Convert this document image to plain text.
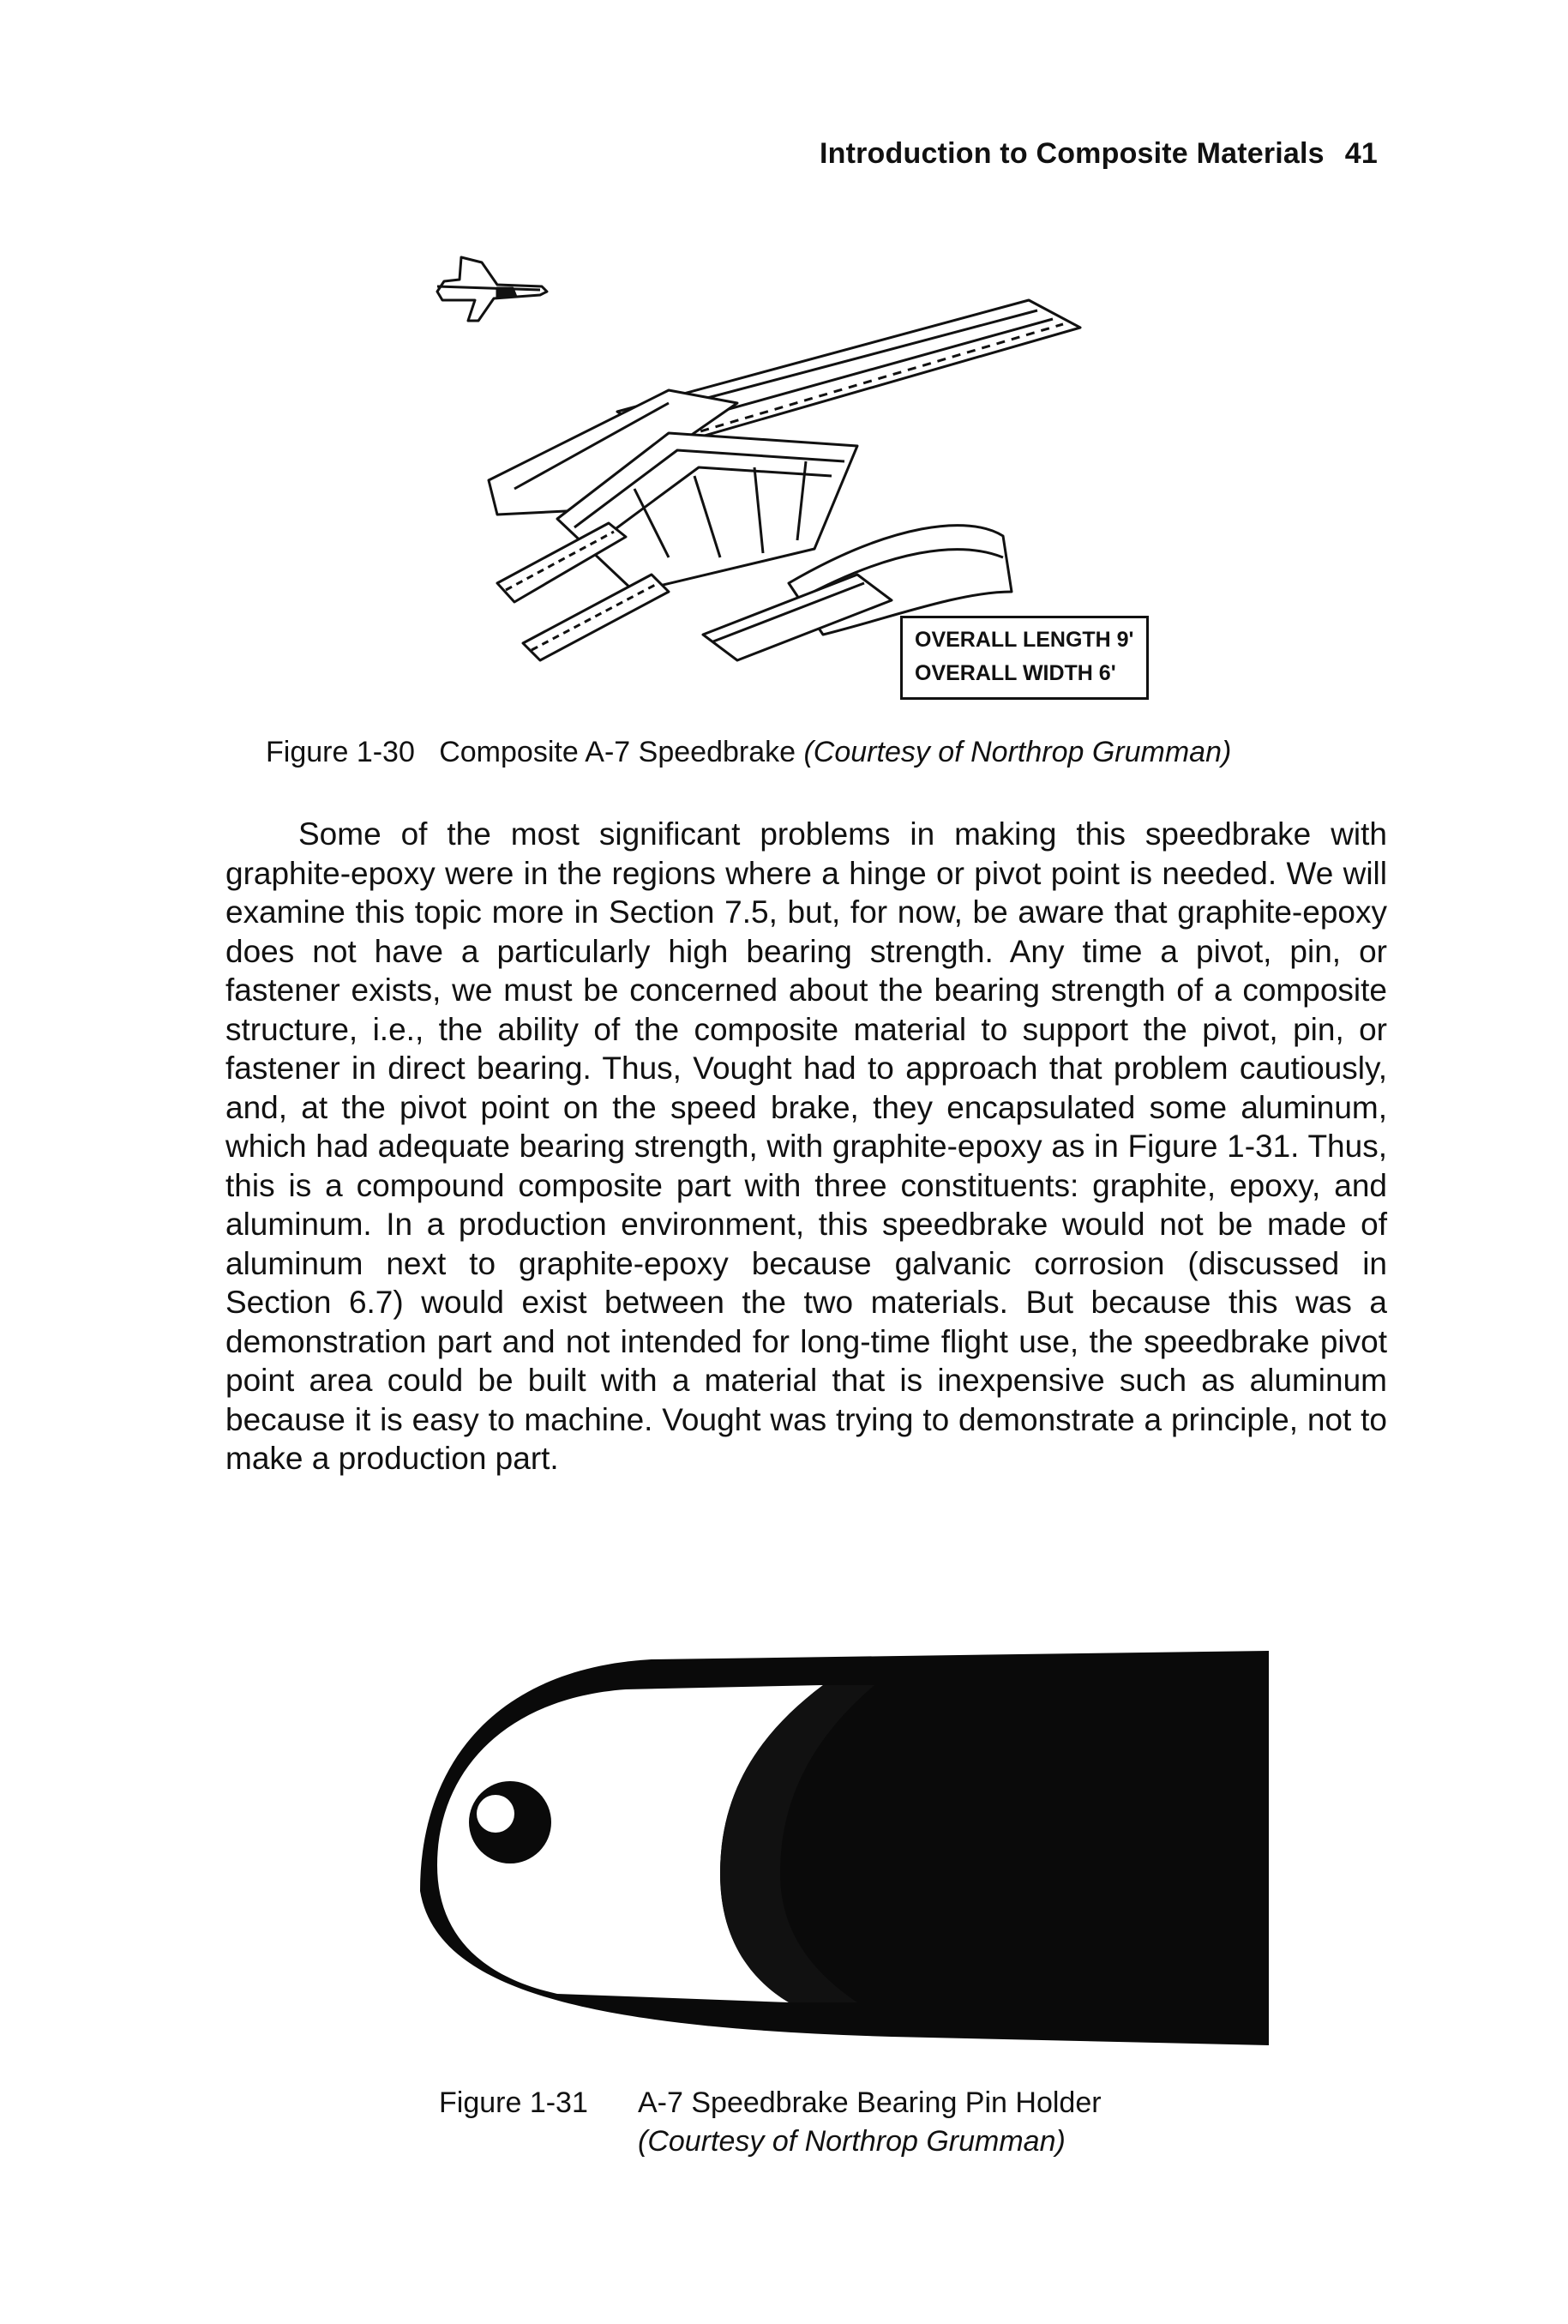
Introduction to Composite Materials 41
OVERALL LENGTH 9'
OVERALL WIDTH 6'
Figure 1-30 Composite A-7 Speedbrake (Courtesy of Northrop Grumman)

Some of the most significant problems in making this speedbrake with graphite-epoxy were in the regions where a hinge or pivot point is needed. We will examine this topic more in Section 7.5, but, for now, be aware that graphite-epoxy does not have a particularly high bearing strength. Any time a pivot, pin, or fastener exists, we must be concerned about the bearing strength of a composite structure, i.e., the ability of the composite material to support the pivot, pin, or fastener in direct bearing. Thus, Vought had to approach that problem cautiously, and, at the pivot point on the speed brake, they encapsulated some aluminum, which had adequate bearing strength, with graphite-epoxy as in Figure 1-31. Thus, this is a compound composite part with three constituents: graphite, epoxy, and aluminum. In a production environment, this speedbrake would not be made of aluminum next to graphite-epoxy because galvanic corrosion (discussed in Section 6.7) would exist between the two materials. But because this was a demonstration part and not intended for long-time flight use, the speedbrake pivot point area could be built with a material that is inexpensive such as aluminum because it is easy to machine. Vought was trying to demonstrate a principle, not to make a production part.

Figure 1-31 A-7 Speedbrake Bearing Pin Holder
(Courtesy of Northrop Grumman)
